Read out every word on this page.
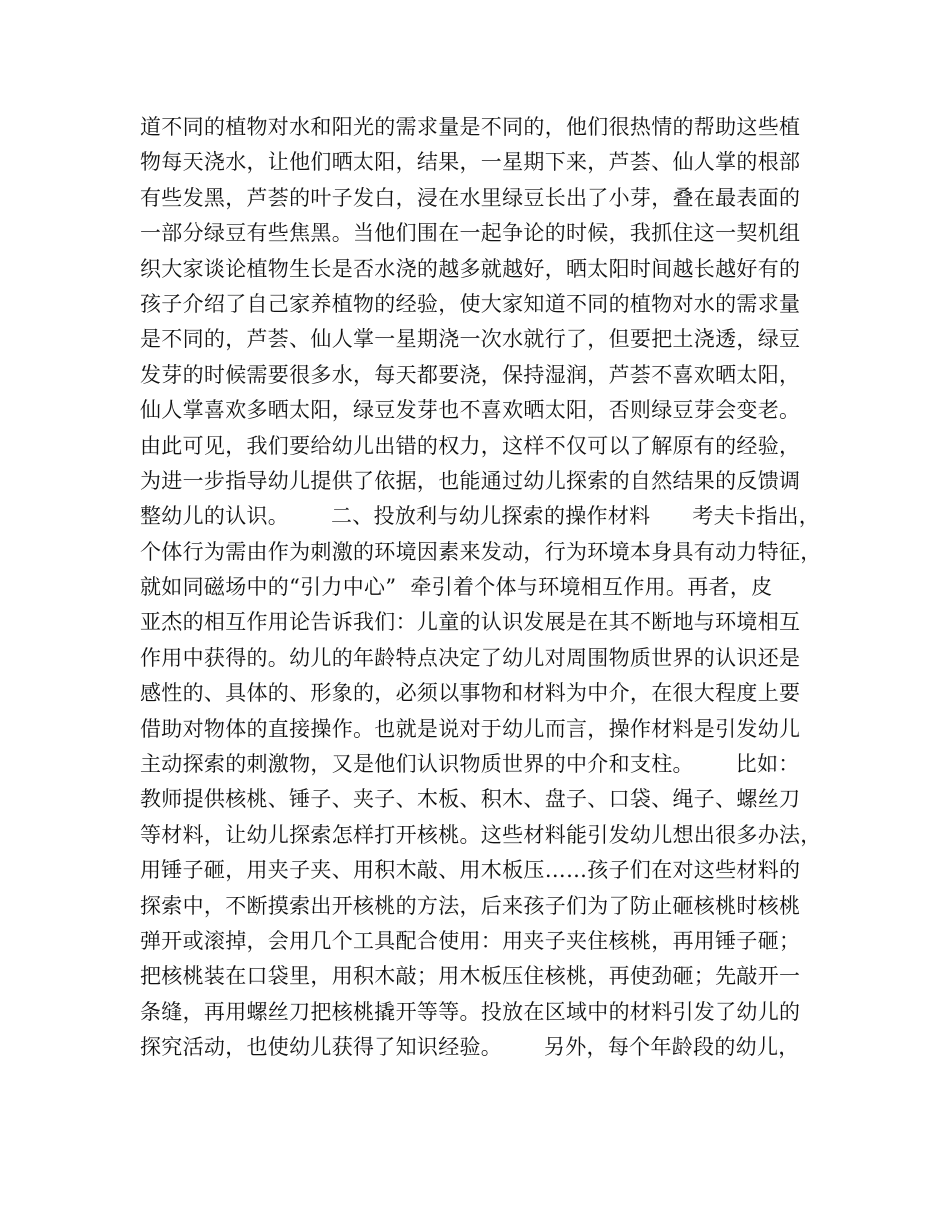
道不同的植物对水和阳光的需求量是不同的，他们很热情的帮助这些植
物每天浇水，让他们晒太阳，结果，一星期下来，芦荟、仙人掌的根部
有些发黑，芦荟的叶子发白，浸在水里绿豆长出了小芽，叠在最表面的
一部分绿豆有些焦黑。当他们围在一起争论的时候，我抓住这一契机组
织大家谈论植物生长是否水浇的越多就越好，晒太阳时间越长越好有的
孩子介绍了自己家养植物的经验，使大家知道不同的植物对水的需求量
是不同的，芦荟、仙人掌一星期浇一次水就行了，但要把土浇透，绿豆
发芽的时候需要很多水，每天都要浇，保持湿润，芦荟不喜欢晒太阳，
仙人掌喜欢多晒太阳，绿豆发芽也不喜欢晒太阳，否则绿豆芽会变老。
由此可见，我们要给幼儿出错的权力，这样不仅可以了解原有的经验，
为进一步指导幼儿提供了依据，也能通过幼儿探索的自然结果的反馈调
整幼儿的认识。      二、投放利与幼儿探索的操作材料      考夫卡指出，
个体行为需由作为刺激的环境因素来发动，行为环境本身具有动力特征，
就如同磁场中的“引力中心”  牵引着个体与环境相互作用。再者，皮
亚杰的相互作用论告诉我们：儿童的认识发展是在其不断地与环境相互
作用中获得的。幼儿的年龄特点决定了幼儿对周围物质世界的认识还是
感性的、具体的、形象的，必须以事物和材料为中介，在很大程度上要
借助对物体的直接操作。也就是说对于幼儿而言，操作材料是引发幼儿
主动探索的刺激物，又是他们认识物质世界的中介和支柱。      比如：
教师提供核桃、锤子、夹子、木板、积木、盘子、口袋、绳子、螺丝刀
等材料，让幼儿探索怎样打开核桃。这些材料能引发幼儿想出很多办法，
用锤子砸，用夹子夹、用积木敲、用木板压……孩子们在对这些材料的
探索中，不断摸索出开核桃的方法，后来孩子们为了防止砸核桃时核桃
弹开或滚掉，会用几个工具配合使用：用夹子夹住核桃，再用锤子砸；
把核桃装在口袋里，用积木敲；用木板压住核桃，再使劲砸；先敲开一
条缝，再用螺丝刀把核桃撬开等等。投放在区域中的材料引发了幼儿的
探究活动，也使幼儿获得了知识经验。      另外，每个年龄段的幼儿，
